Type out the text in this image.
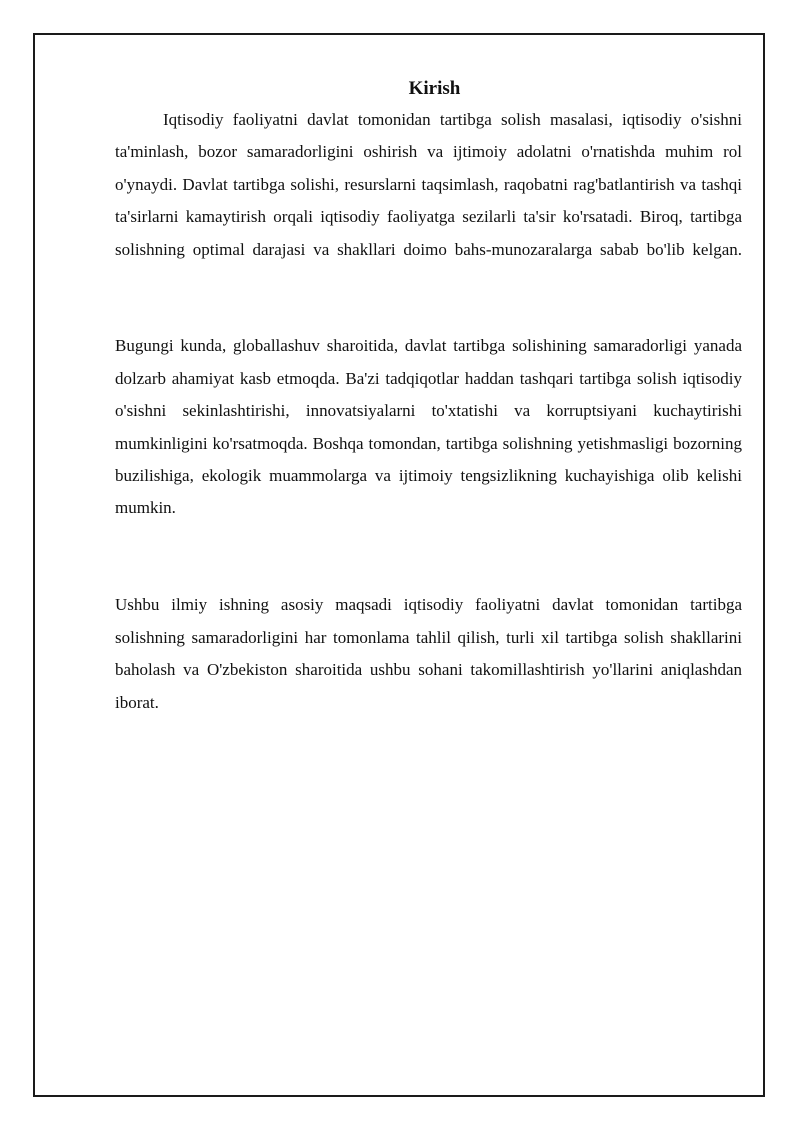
Kirish

Iqtisodiy faoliyatni davlat tomonidan tartibga solish masalasi, iqtisodiy o'sishni ta'minlash, bozor samaradorligini oshirish va ijtimoiy adolatni o'rnatishda muhim rol o'ynaydi. Davlat tartibga solishi, resurslarni taqsimlash, raqobatni rag'batlantirish va tashqi ta'sirlarni kamaytirish orqali iqtisodiy faoliyatga sezilarli ta'sir ko'rsatadi. Biroq, tartibga solishning optimal darajasi va shakllari doimo bahs-munozaralarga sabab bo'lib kelgan.

Bugungi kunda, globallashuv sharoitida, davlat tartibga solishining samaradorligi yanada dolzarb ahamiyat kasb etmoqda. Ba'zi tadqiqotlar haddan tashqari tartibga solish iqtisodiy o'sishni sekinlashtirishi, innovatsiyalarni to'xtatishi va korruptsiyani kuchaytirishi mumkinligini ko'rsatmoqda. Boshqa tomondan, tartibga solishning yetishmasligi bozorning buzilishiga, ekologik muammolarga va ijtimoiy tengsizlikning kuchayishiga olib kelishi mumkin.

Ushbu ilmiy ishning asosiy maqsadi iqtisodiy faoliyatni davlat tomonidan tartibga solishning samaradorligini har tomonlama tahlil qilish, turli xil tartibga solish shakllarini baholash va O'zbekiston sharoitida ushbu sohani takomillashtirish yo'llarini aniqlashdan iborat.
